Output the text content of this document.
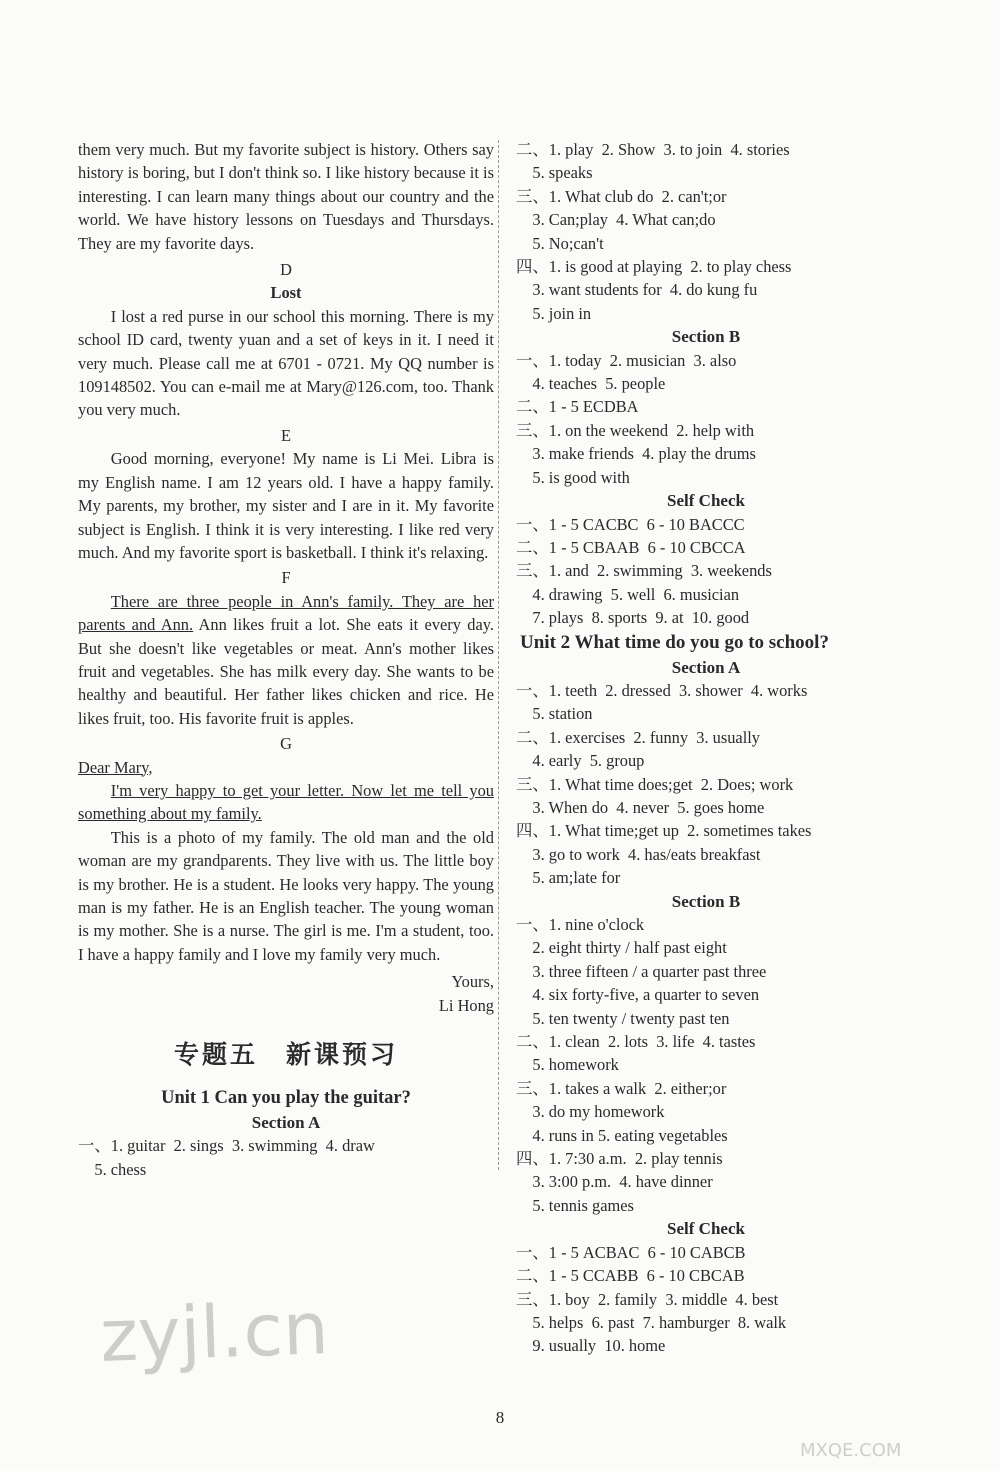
them very much. But my favorite subject is history. Others say history is boring, but I don't think so. I like history because it is interesting. I can learn many things about our country and the world. We have history lessons on Tuesdays and Thursdays. They are my favorite days.

D
Lost

I lost a red purse in our school this morning. There is my school ID card, twenty yuan and a set of keys in it. I need it very much. Please call me at 6701 - 0721. My QQ number is 109148502. You can e-mail me at Mary@126.com, too. Thank you very much.

E

Good morning, everyone! My name is Li Mei. Libra is my English name. I am 12 years old. I have a happy family. My parents, my brother, my sister and I are in it. My favorite subject is English. I think it is very interesting. I like red very much. And my favorite sport is basketball. I think it's relaxing.

F

There are three people in Ann's family. They are her parents and Ann. Ann likes fruit a lot. She eats it every day. But she doesn't like vegetables or meat. Ann's mother likes fruit and vegetables. She has milk every day. She wants to be healthy and beautiful. Her father likes chicken and rice. He likes fruit, too. His favorite fruit is apples.

G

Dear Mary,

I'm very happy to get your letter. Now let me tell you something about my family.

This is a photo of my family. The old man and the old woman are my grandparents. They live with us. The little boy is my brother. He is a student. He looks very happy. The young man is my father. He is an English teacher. The young woman is my mother. She is a nurse. The girl is me. I'm a student, too. I have a happy family and I love my family very much.

Yours,

Li Hong

专题五　新课预习
Unit 1 Can you play the guitar?
Section A
一、1. guitar  2. sings  3. swimming  4. draw
5. chess
二、1. play  2. Show  3. to join  4. stories
5. speaks
三、1. What club do  2. can't;or
3. Can;play  4. What can;do
5. No;can't
四、1. is good at playing  2. to play chess
3. want students for  4. do kung fu
5. join in
Section B
一、1. today  2. musician  3. also
4. teaches  5. people
二、1 - 5 ECDBA
三、1. on the weekend  2. help with
3. make friends  4. play the drums
5. is good with
Self Check
一、1 - 5 CACBC  6 - 10 BACCC
二、1 - 5 CBAAB  6 - 10 CBCCA
三、1. and  2. swimming  3. weekends
4. drawing  5. well  6. musician
7. plays  8. sports  9. at  10. good
Unit 2 What time do you go to school?
Section A
一、1. teeth  2. dressed  3. shower  4. works
5. station
二、1. exercises  2. funny  3. usually
4. early  5. group
三、1. What time does;get  2. Does; work
3. When do  4. never  5. goes home
四、1. What time;get up  2. sometimes takes
3. go to work  4. has/eats breakfast
5. am;late for
Section B
一、1. nine o'clock
2. eight thirty / half past eight
3. three fifteen / a quarter past three
4. six forty-five, a quarter to seven
5. ten twenty / twenty past ten
二、1. clean  2. lots  3. life  4. tastes
5. homework
三、1. takes a walk  2. either;or
3. do my homework
4. runs in 5. eating vegetables
四、1. 7:30 a.m.  2. play tennis
3. 3:00 p.m.  4. have dinner
5. tennis games
Self Check
一、1 - 5 ACBAC  6 - 10 CABCB
二、1 - 5 CCABB  6 - 10 CBCAB
三、1. boy  2. family  3. middle  4. best
5. helps  6. past  7. hamburger  8. walk
9. usually  10. home
8
zyjl.cn
MXQE.COM
